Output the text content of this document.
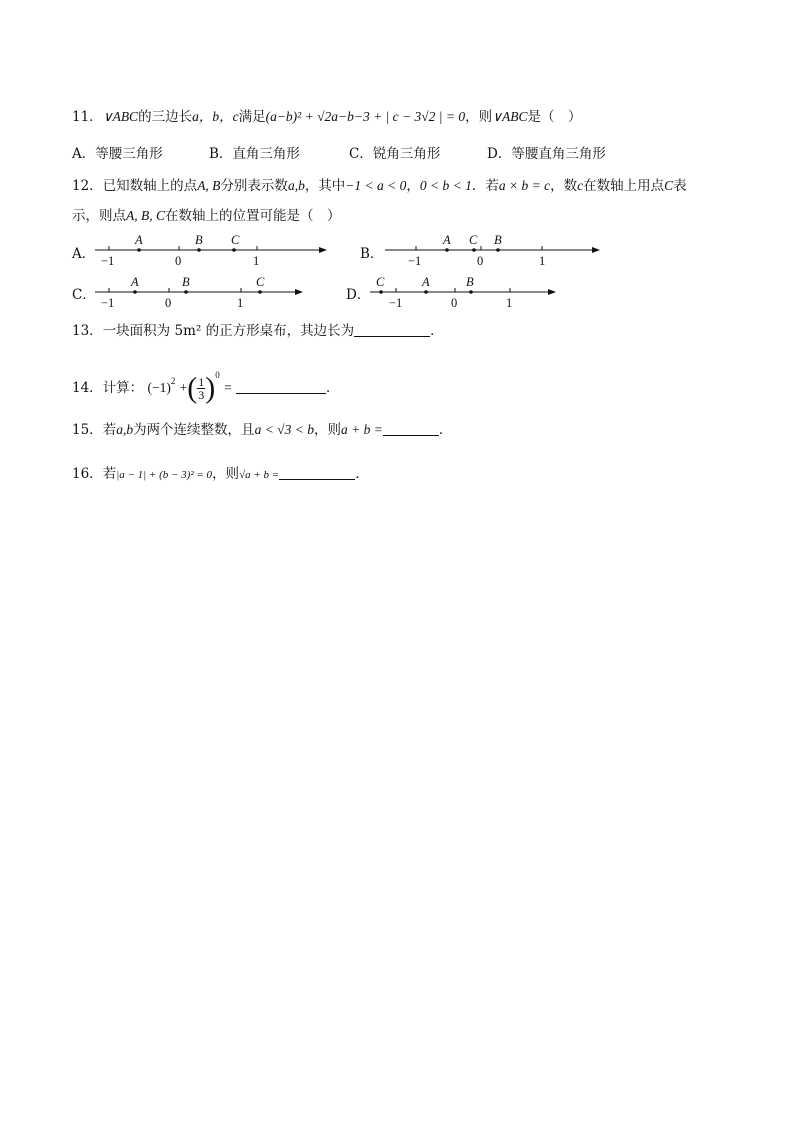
11．∨ABC的三边长a，b，c满足(a−b)² + √2a−b−3 + | c − 3√2 | = 0，则∨ABC是（　）
A．等腰三角形	B．直角三角形	C．锐角三角形	D．等腰直角三角形
12．已知数轴上的点A, B分别表示数a,b，其中−1 < a < 0，0 < b < 1．若a × b = c，数c在数轴上用点C表
示，则点A, B, C在数轴上的位置可能是（　）
A． −1	0	1
A	B C
B． −1	0	1
A C B
C． −1	0	1
A	B	C
D． −1	0	1
C	A	B
13．一块面积为 5m² 的正方形桌布，其边长为	．
14．计算： $(-1)^2$ +( $\frac{1}{3} )^0$ =	．
15．若a,b为两个连续整数，且a < √3 < b，则a + b =	．
16．若|a − 1| + (b − 3)² = 0，则√a + b =	．
